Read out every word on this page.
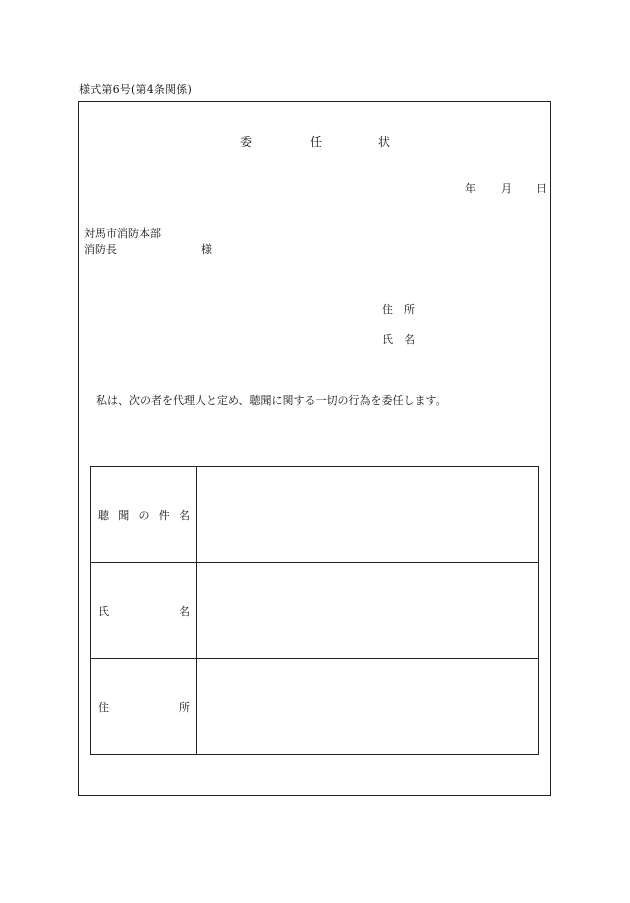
様式第6号(第4条関係)
委	任	状
年 月 日
対馬市消防本部
消防長	様
住　所
氏　名
私は、次の者を代理人と定め、聴聞に関する一切の行為を委任します。
聴 聞 の 件 名	

氏 名	

住 所	
